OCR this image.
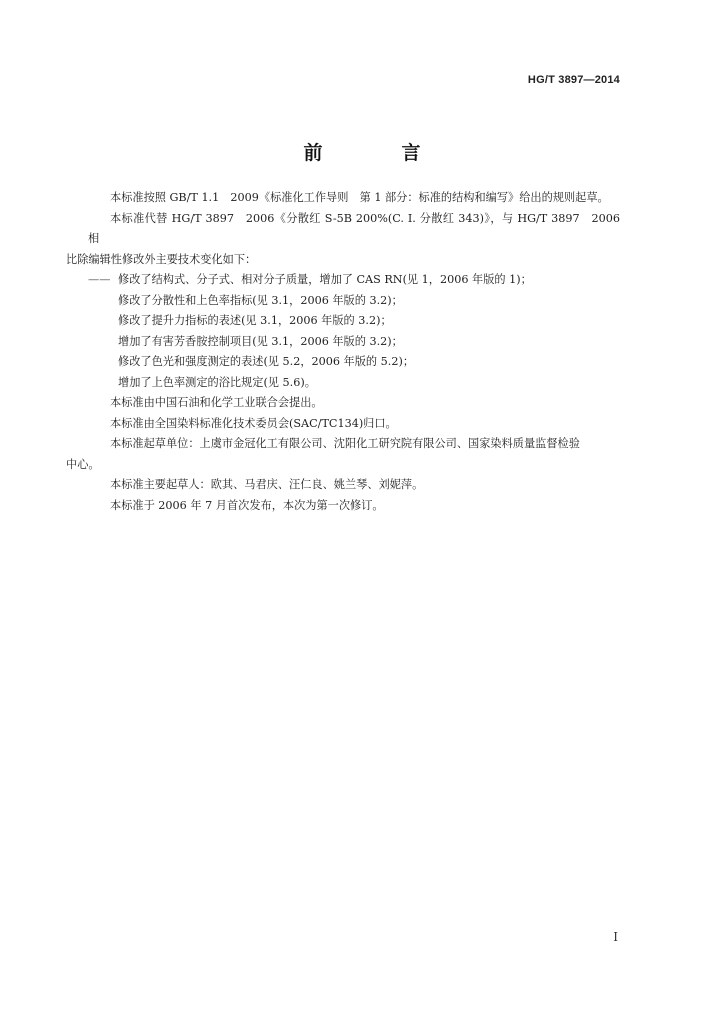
HG/T 3897—2014
前　言

本标准按照 GB/T 1.1　2009《标准化工作导则　第 1 部分：标准的结构和编写》给出的规则起草。

本标准代替 HG/T 3897　2006《分散红 S-5B 200%(C. I. 分散红 343)》，与 HG/T 3897　2006 相

比除编辑性修改外主要技术变化如下：

—— 修改了结构式、分子式、相对分子质量，增加了 CAS RN(见 1，2006 年版的 1)；
修改了分散性和上色率指标(见 3.1，2006 年版的 3.2)；
修改了提升力指标的表述(见 3.1，2006 年版的 3.2)；
增加了有害芳香胺控制项目(见 3.1，2006 年版的 3.2)；
修改了色光和强度测定的表述(见 5.2，2006 年版的 5.2)；
增加了上色率测定的浴比规定(见 5.6)。

本标准由中国石油和化学工业联合会提出。

本标准由全国染料标准化技术委员会(SAC/TC134)归口。

本标准起草单位：上虞市金冠化工有限公司、沈阳化工研究院有限公司、国家染料质量监督检验

中心。

本标准主要起草人：欧其、马君庆、汪仁良、姚兰琴、刘妮萍。

本标准于 2006 年 7 月首次发布，本次为第一次修订。

I
